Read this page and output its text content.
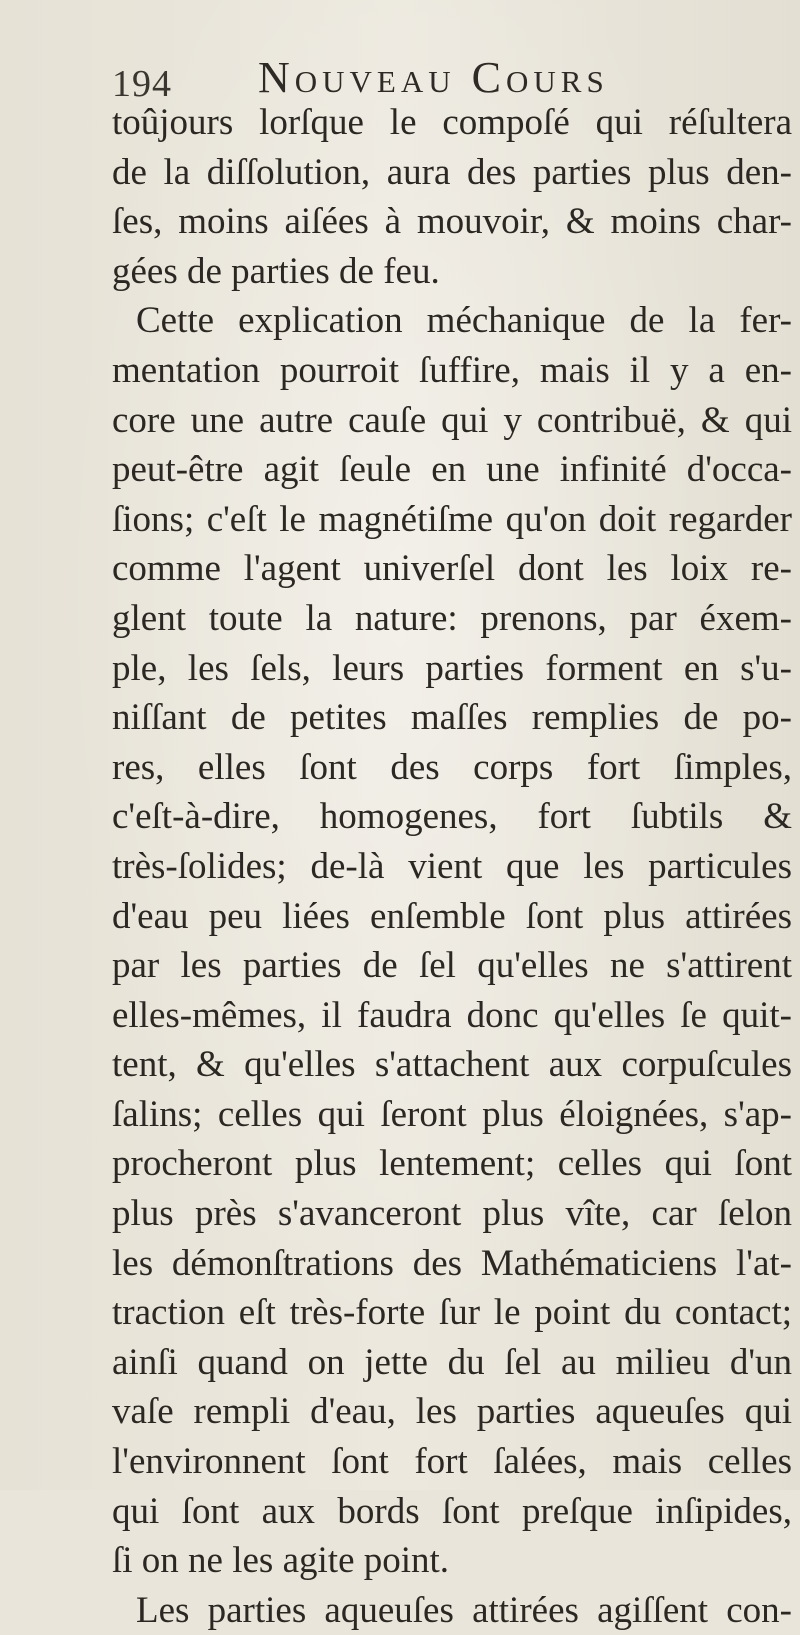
194 Nouveau Cours
toûjours lorſque le compoſé qui réſultera
de la diſſolution, aura des parties plus den-
ſes, moins aiſées à mouvoir, & moins char-
gées de parties de feu.
Cette explication méchanique de la fer-
mentation pourroit ſuffire, mais il y a en-
core une autre cauſe qui y contribuë, & qui
peut-être agit ſeule en une infinité d'occa-
ſions; c'eſt le magnétiſme qu'on doit regarder
comme l'agent univerſel dont les loix re-
glent toute la nature: prenons, par éxem-
ple, les ſels, leurs parties forment en s'u-
niſſant de petites maſſes remplies de po-
res, elles ſont des corps fort ſimples,
c'eſt-à-dire, homogenes, fort ſubtils &
très-ſolides; de-là vient que les particules
d'eau peu liées enſemble ſont plus attirées
par les parties de ſel qu'elles ne s'attirent
elles-mêmes, il faudra donc qu'elles ſe quit-
tent, & qu'elles s'attachent aux corpuſcules
ſalins; celles qui ſeront plus éloignées, s'ap-
procheront plus lentement; celles qui ſont
plus près s'avanceront plus vîte, car ſelon
les démonſtrations des Mathématiciens l'at-
traction eſt très-forte ſur le point du contact;
ainſi quand on jette du ſel au milieu d'un
vaſe rempli d'eau, les parties aqueuſes qui
l'environnent ſont fort ſalées, mais celles
qui ſont aux bords ſont preſque inſipides,
ſi on ne les agite point.
Les parties aqueuſes attirées agiſſent con-
